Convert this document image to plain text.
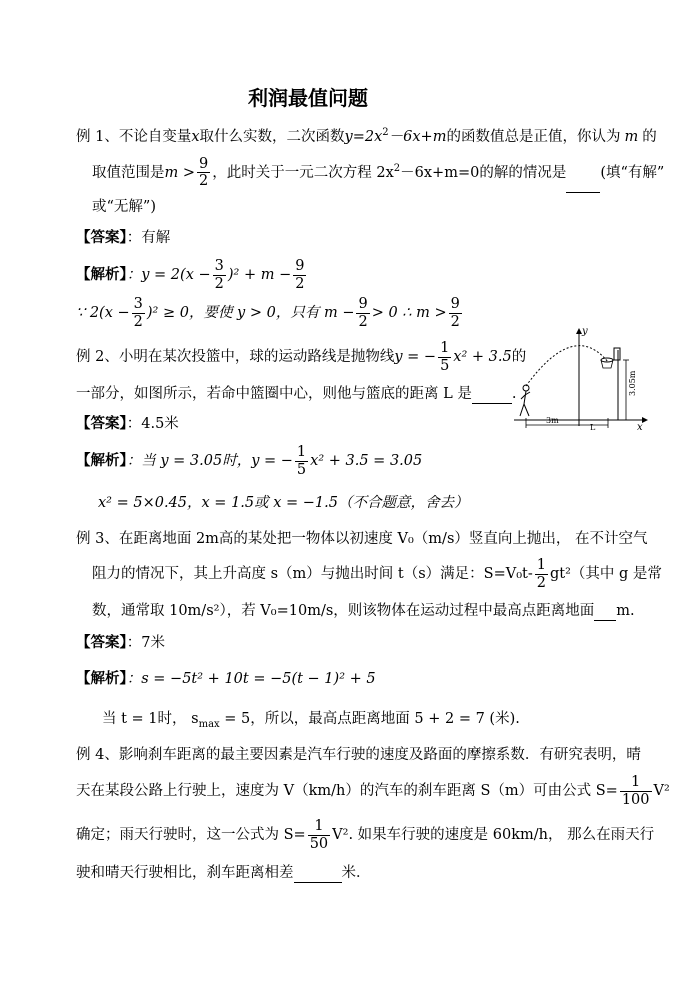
利润最值问题
例 1、不论自变量x取什么实数，二次函数$y=2x^2-6x+m$的函数值总是正值，你认为 m 的
取值范围是$m > \frac{9}{2}$ ，此时关于一元二次方程 $2x^2-6x+m=0$的解的情况是 (填“有解”
或“无解”)
【答案】：有解
【解析】：$y = 2(x - \frac{3}{2} )^2 + m - \frac{9}{2}$
∵ $2(x - \frac{3}{2} )^2 \ge 0$，要使 y > 0，只有 $m - \frac{9}{2} > 0$ ∴ $m > \frac{9}{2}$
例 2、小明在某次投篮中，球的运动路线是抛物线y = − $\frac{1}{5} x^2 + 3.5$的
一部分，如图所示，若命中篮圈中心，则他与篮底的距离 L 是	.
【答案】：4.5米
【解析】：当 y = 3.05时，y = − $\frac{1}{5} x^2 + 3.5 = 3.05$
x² = 5×0.45，x = 1.5或 x = −1.5（不合题意，舍去）
y
x
3.05m
3m
L
例 3、在距离地面 2m高的某处把一物体以初速度 V₀（m/s）竖直向上抛出， 在不计空气
阻力的情况下，其上升高度 s（m）与抛出时间 t（s）满足：$S=V_0t- \frac{1}{2} gt^2$（其中 g 是常
数，通常取 10m/s²），若 V₀=10m/s，则该物体在运动过程中最高点距离地面 m.
【答案】：7米
【解析】：s = −5t² + 10t = −5(t − 1)² + 5
当 t = 1时， $s_{max} = 5$，所以，最高点距离地面 5 + 2 = 7 (米).
例 4、影响刹车距离的最主要因素是汽车行驶的速度及路面的摩擦系数．有研究表明，晴
天在某段公路上行驶上，速度为 V（km/h）的汽车的刹车距离 S（m）可由公式 $S= \frac{1}{100} V^2$
确定；雨天行驶时，这一公式为 $S= \frac{1}{50} V^2$. 如果车行驶的速度是 60km/h， 那么在雨天行
驶和晴天行驶相比，刹车距离相差	米．
